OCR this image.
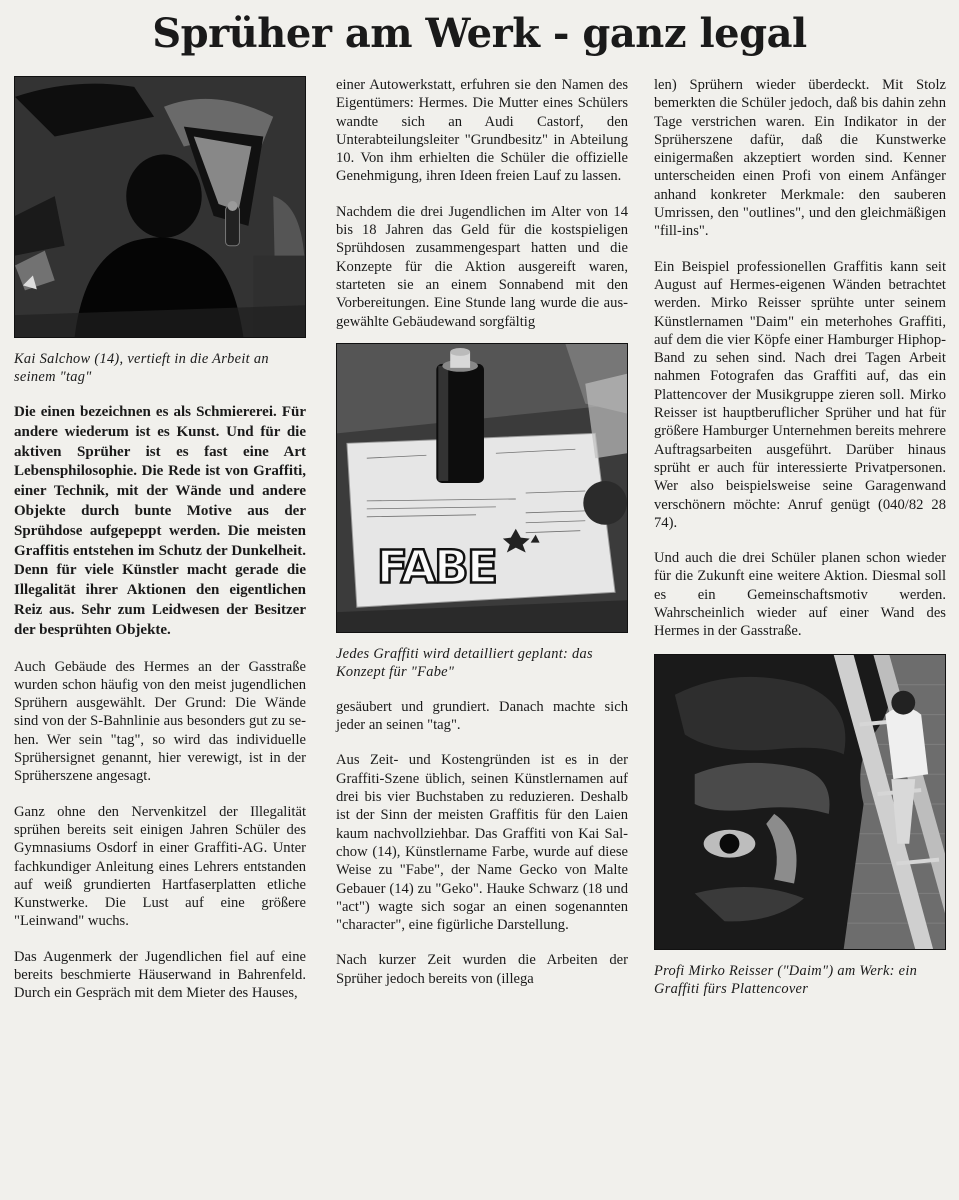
Sprüher am Werk - ganz legal

Kai Salchow (14), vertieft in die Arbeit an seinem "tag"

Die einen bezeichnen es als Schmiererei. Für andere wiederum ist es Kunst. Und für die aktiven Sprüher ist es fast eine Art Lebensphilosophie. Die Rede ist von Graffiti, einer Technik, mit der Wände und andere Objekte durch bunte Motive aus der Sprühdose aufgepeppt werden. Die meisten Graffitis entstehen im Schutz der Dunkelheit. Denn für viele Künstler macht gerade die Illegalität ihrer Aktionen den eigentlichen Reiz aus. Sehr zum Leidwesen der Besitzer der besprühten Objekte.

Auch Gebäude des Hermes an der Gasstraße wurden schon häufig von den meist jugendlichen Sprühern ausgewählt. Der Grund: Die Wände sind von der S-Bahnlinie aus besonders gut zu sehen. Wer sein "tag", so wird das individuelle Sprühersignet genannt, hier verewigt, ist in der Sprüherszene angesagt.

Ganz ohne den Nervenkitzel der Illegalität sprühen bereits seit einigen Jahren Schüler des Gymnasiums Osdorf in einer Graffiti-AG. Unter fachkundiger Anleitung eines Lehrers entstanden auf weiß grundierten Hartfaserplatten etliche Kunstwerke. Die Lust auf eine größere "Leinwand" wuchs.

Das Augenmerk der Jugendlichen fiel auf eine bereits beschmierte Häuserwand in Bahrenfeld. Durch ein Gespräch mit dem Mieter des Hauses,

einer Autowerkstatt, erfuhren sie den Namen des Eigentümers: Hermes. Die Mutter eines Schülers wandte sich an Audi Castorf, den Unterabteilungsleiter "Grundbesitz" in Abteilung 10. Von ihm erhielten die Schüler die offizielle Genehmigung, ihren Ideen freien Lauf zu lassen.

Nachdem die drei Jugendlichen im Alter von 14 bis 18 Jahren das Geld für die kostspieligen Sprühdosen zusammengespart hatten und die Konzepte für die Aktion ausgereift waren, starteten sie an einem Sonnabend mit den Vorbereitungen. Eine Stunde lang wurde die ausgewählte Gebäudewand sorgfältig

FABE

Jedes Graffiti wird detailliert geplant: das Konzept für "Fabe"

gesäubert und grundiert. Danach machte sich jeder an seinen "tag".

Aus Zeit- und Kostengründen ist es in der Graffiti-Szene üblich, seinen Künstlernamen auf drei bis vier Buchstaben zu reduzieren. Deshalb ist der Sinn der meisten Graffitis für den Laien kaum nachvollziehbar. Das Graffiti von Kai Salchow (14), Künstlername Farbe, wurde auf diese Weise zu "Fabe", der Name Gecko von Malte Gebauer (14) zu "Geko". Hauke Schwarz (18 und "act") wagte sich sogar an einen sogenannten "character", eine figürliche Darstellung.

Nach kurzer Zeit wurden die Arbeiten der Sprüher jedoch bereits von (illega

len) Sprühern wieder überdeckt. Mit Stolz bemerkten die Schüler jedoch, daß bis dahin zehn Tage verstrichen waren. Ein Indikator in der Sprüherszene dafür, daß die Kunstwerke einigermaßen akzeptiert worden sind. Kenner unterscheiden einen Profi von einem Anfänger anhand konkreter Merkmale: den sauberen Umrissen, den "outlines", und den gleichmäßigen "fill-ins".

Ein Beispiel professionellen Graffitis kann seit August auf Hermes-eigenen Wänden betrachtet werden. Mirko Reisser sprühte unter seinem Künstlernamen "Daim" ein meterhohes Graffiti, auf dem die vier Köpfe einer Hamburger Hiphop-Band zu sehen sind. Nach drei Tagen Arbeit nahmen Fotografen das Graffiti auf, das ein Plattencover der Musikgruppe zieren soll. Mirko Reisser ist hauptberuflicher Sprüher und hat für größere Hamburger Unternehmen bereits mehrere Auftragsarbeiten ausgeführt. Darüber hinaus sprüht er auch für interessierte Privatpersonen. Wer also beispielsweise seine Garagenwand verschönern möchte: Anruf genügt (040/82 28 74).

Und auch die drei Schüler planen schon wieder für die Zukunft eine weitere Aktion. Diesmal soll es ein Gemeinschaftsmotiv werden. Wahrscheinlich wieder auf einer Wand des Hermes in der Gasstraße.

Profi Mirko Reisser ("Daim") am Werk: ein Graffiti fürs Plattencover
